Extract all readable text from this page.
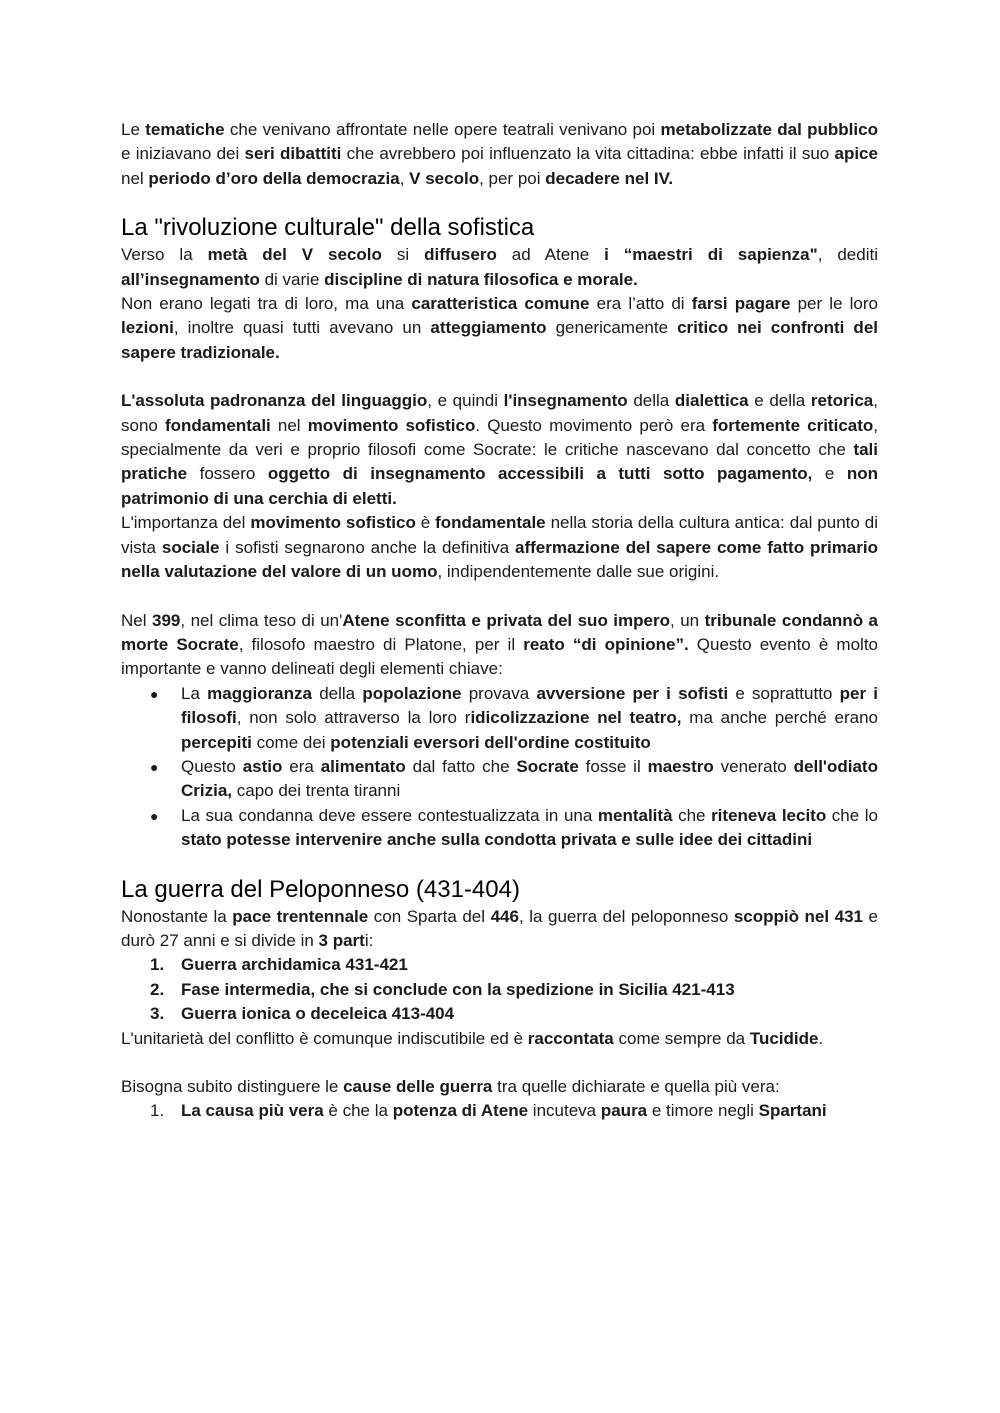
Le tematiche che venivano affrontate nelle opere teatrali venivano poi metabolizzate dal pubblico e iniziavano dei seri dibattiti che avrebbero poi influenzato la vita cittadina: ebbe infatti il suo apice nel periodo d’oro della democrazia, V secolo, per poi decadere nel IV.

La "rivoluzione culturale" della sofistica

Verso la metà del V secolo si diffusero ad Atene i “maestri di sapienza", dediti all’insegnamento di varie discipline di natura filosofica e morale.

Non erano legati tra di loro, ma una caratteristica comune era l’atto di farsi pagare per le loro lezioni, inoltre quasi tutti avevano un atteggiamento genericamente critico nei confronti del sapere tradizionale.

L'assoluta padronanza del linguaggio, e quindi l'insegnamento della dialettica e della retorica, sono fondamentali nel movimento sofistico. Questo movimento però era fortemente criticato, specialmente da veri e proprio filosofi come Socrate: le critiche nascevano dal concetto che tali pratiche fossero oggetto di insegnamento accessibili a tutti sotto pagamento, e non patrimonio di una cerchia di eletti.

L'importanza del movimento sofistico è fondamentale nella storia della cultura antica: dal punto di vista sociale i sofisti segnarono anche la definitiva affermazione del sapere come fatto primario nella valutazione del valore di un uomo, indipendentemente dalle sue origini.

Nel 399, nel clima teso di un'Atene sconfitta e privata del suo impero, un tribunale condannò a morte Socrate, filosofo maestro di Platone, per il reato “di opinione”. Questo evento è molto importante e vanno delineati degli elementi chiave:

● La maggioranza della popolazione provava avversione per i sofisti e soprattutto per i filosofi, non solo attraverso la loro ridicolizzazione nel teatro, ma anche perché erano percepiti come dei potenziali eversori dell'ordine costituito
● Questo astio era alimentato dal fatto che Socrate fosse il maestro venerato dell'odiato Crizia, capo dei trenta tiranni
● La sua condanna deve essere contestualizzata in una mentalità che riteneva lecito che lo stato potesse intervenire anche sulla condotta privata e sulle idee dei cittadini
La guerra del Peloponneso (431-404)

Nonostante la pace trentennale con Sparta del 446, la guerra del peloponneso scoppiò nel 431 e durò 27 anni e si divide in 3 parti:

1. Guerra archidamica 431-421
2. Fase intermedia, che si conclude con la spedizione in Sicilia 421-413
3. Guerra ionica o deceleica 413-404

L'unitarietà del conflitto è comunque indiscutibile ed è raccontata come sempre da Tucidide.

Bisogna subito distinguere le cause delle guerra tra quelle dichiarate e quella più vera:

1. La causa più vera è che la potenza di Atene incuteva paura e timore negli Spartani
